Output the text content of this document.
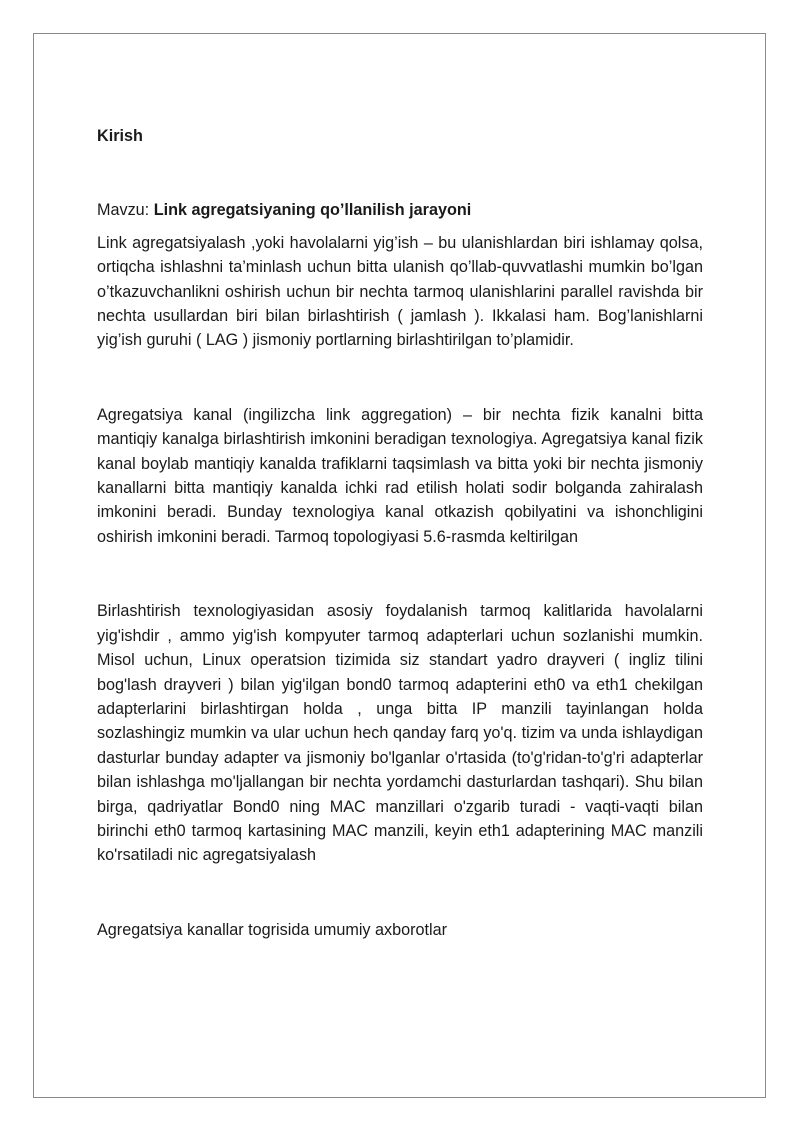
Kirish

Mavzu: Link agregatsiyaning qo’llanilish jarayoni

Link agregatsiyalash ,yoki havolalarni yig’ish – bu ulanishlardan biri ishlamay qolsa, ortiqcha ishlashni ta’minlash uchun bitta ulanish qo’llab-quvvatlashi mumkin bo’lgan o’tkazuvchanlikni oshirish uchun bir nechta tarmoq ulanishlarini parallel ravishda bir nechta usullardan biri bilan birlashtirish ( jamlash ). Ikkalasi ham. Bog’lanishlarni yig’ish guruhi ( LAG ) jismoniy portlarning birlashtirilgan to’plamidir.

Agregatsiya kanal (ingilizcha link aggregation) – bir nechta fizik kanalni bitta mantiqiy kanalga birlashtirish imkonini beradigan texnologiya. Agregatsiya kanal fizik kanal boylab mantiqiy kanalda trafiklarni taqsimlash va bitta yoki bir nechta jismoniy kanallarni bitta mantiqiy kanalda ichki rad etilish holati sodir bolganda zahiralash imkonini beradi. Bunday texnologiya kanal otkazish qobilyatini va ishonchligini oshirish imkonini beradi. Tarmoq topologiyasi 5.6-rasmda keltirilgan

Birlashtirish texnologiyasidan asosiy foydalanish tarmoq kalitlarida havolalarni yig'ishdir , ammo yig'ish kompyuter tarmoq adapterlari uchun sozlanishi mumkin. Misol uchun, Linux operatsion tizimida siz standart yadro drayveri ( ingliz tilini bog'lash drayveri ) bilan yig'ilgan bond0 tarmoq adapterini eth0 va eth1 chekilgan adapterlarini birlashtirgan holda , unga bitta IP manzili tayinlangan holda sozlashingiz mumkin va ular uchun hech qanday farq yo'q. tizim va unda ishlaydigan dasturlar bunday adapter va jismoniy bo'lganlar o'rtasida (to'g'ridan-to'g'ri adapterlar bilan ishlashga mo'ljallangan bir nechta yordamchi dasturlardan tashqari). Shu bilan birga, qadriyatlar Bond0 ning MAC manzillari o'zgarib turadi - vaqti-vaqti bilan birinchi eth0 tarmoq kartasining MAC manzili, keyin eth1 adapterining MAC manzili ko'rsatiladi nic agregatsiyalash

Agregatsiya kanallar togrisida umumiy axborotlar
